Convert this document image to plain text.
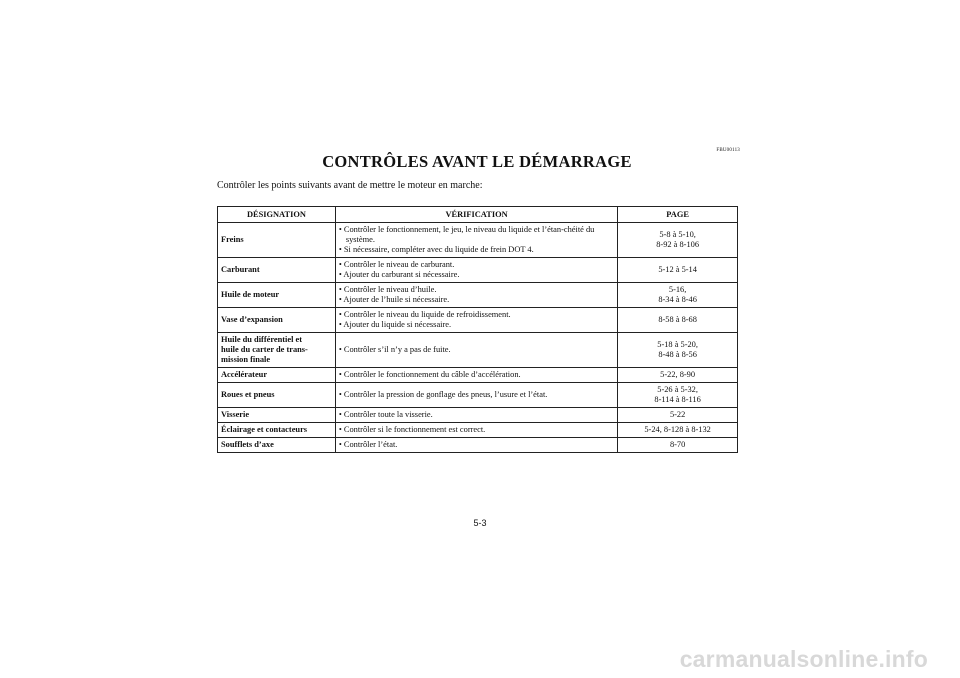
FBU00113
CONTRÔLES AVANT LE DÉMARRAGE

Contrôler les points suivants avant de mettre le moteur en marche:

DÉSIGNATION	VÉRIFICATION	PAGE

Freins	• Contrôler le fonctionnement, le jeu, le niveau du liquide et l’étan-chéité du système.
• Si nécessaire, compléter avec du liquide de frein DOT 4.	5-8 à 5-10,
8-92 à 8-106

Carburant	• Contrôler le niveau de carburant.
• Ajouter du carburant si nécessaire.	5-12 à 5-14

Huile de moteur	• Contrôler le niveau d’huile.
• Ajouter de l’huile si nécessaire.	5-16,
8-34 à 8-46

Vase d’expansion	• Contrôler le niveau du liquide de refroidissement.
• Ajouter du liquide si nécessaire.	8-58 à 8-68

Huile du différentiel et
huile du carter de trans-
mission finale	• Contrôler s’il n’y a pas de fuite.	5-18 à 5-20,
8-48 à 8-56

Accélérateur	• Contrôler le fonctionnement du câble d’accélération.	5-22, 8-90

Roues et pneus	• Contrôler la pression de gonflage des pneus, l’usure et l’état.	5-26 à 5-32,
8-114 à 8-116

Visserie	• Contrôler toute la visserie.	5-22

Éclairage et contacteurs	• Contrôler si le fonctionnement est correct.	5-24, 8-128 à 8-132

Soufflets d’axe	• Contrôler l’état.	8-70

5-3

carmanualsonline.info
